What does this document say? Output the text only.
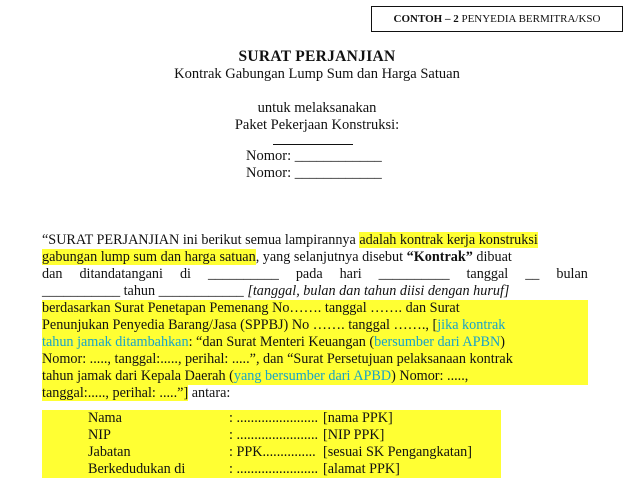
CONTOH – 2 PENYEDIA BERMITRA/KSO
SURAT PERJANJIAN
Kontrak Gabungan Lump Sum dan Harga Satuan
untuk melaksanakan
Paket Pekerjaan Konstruksi:
Nomor: ____________
Nomor: ____________
“SURAT PERJANJIAN ini berikut semua lampirannya adalah kontrak kerja konstruksi
gabungan lump sum dan harga satuan, yang selanjutnya disebut “Kontrak” dibuat
dan ditandatangani di __________ pada hari __________ tanggal __ bulan
___________ tahun ____________ [tanggal, bulan dan tahun diisi dengan huruf]
berdasarkan Surat Penetapan Pemenang No……. tanggal ……. dan Surat
Penunjukan Penyedia Barang/Jasa (SPPBJ) No ……. tanggal ……., [jika kontrak
tahun jamak ditambahkan: “dan Surat Menteri Keuangan (bersumber dari APBN)
Nomor: ....., tanggal:....., perihal: .....”, dan “Surat Persetujuan pelaksanaan kontrak
tahun jamak dari Kepala Daerah (yang bersumber dari APBD) Nomor: .....,
tanggal:....., perihal: .....”] antara:
Nama	: ....................... [nama PPK]
NIP	: ....................... [NIP PPK]
Jabatan	: PPK............... [sesuai SK Pengangkatan]
Berkedudukan di	: ....................... [alamat PPK]
